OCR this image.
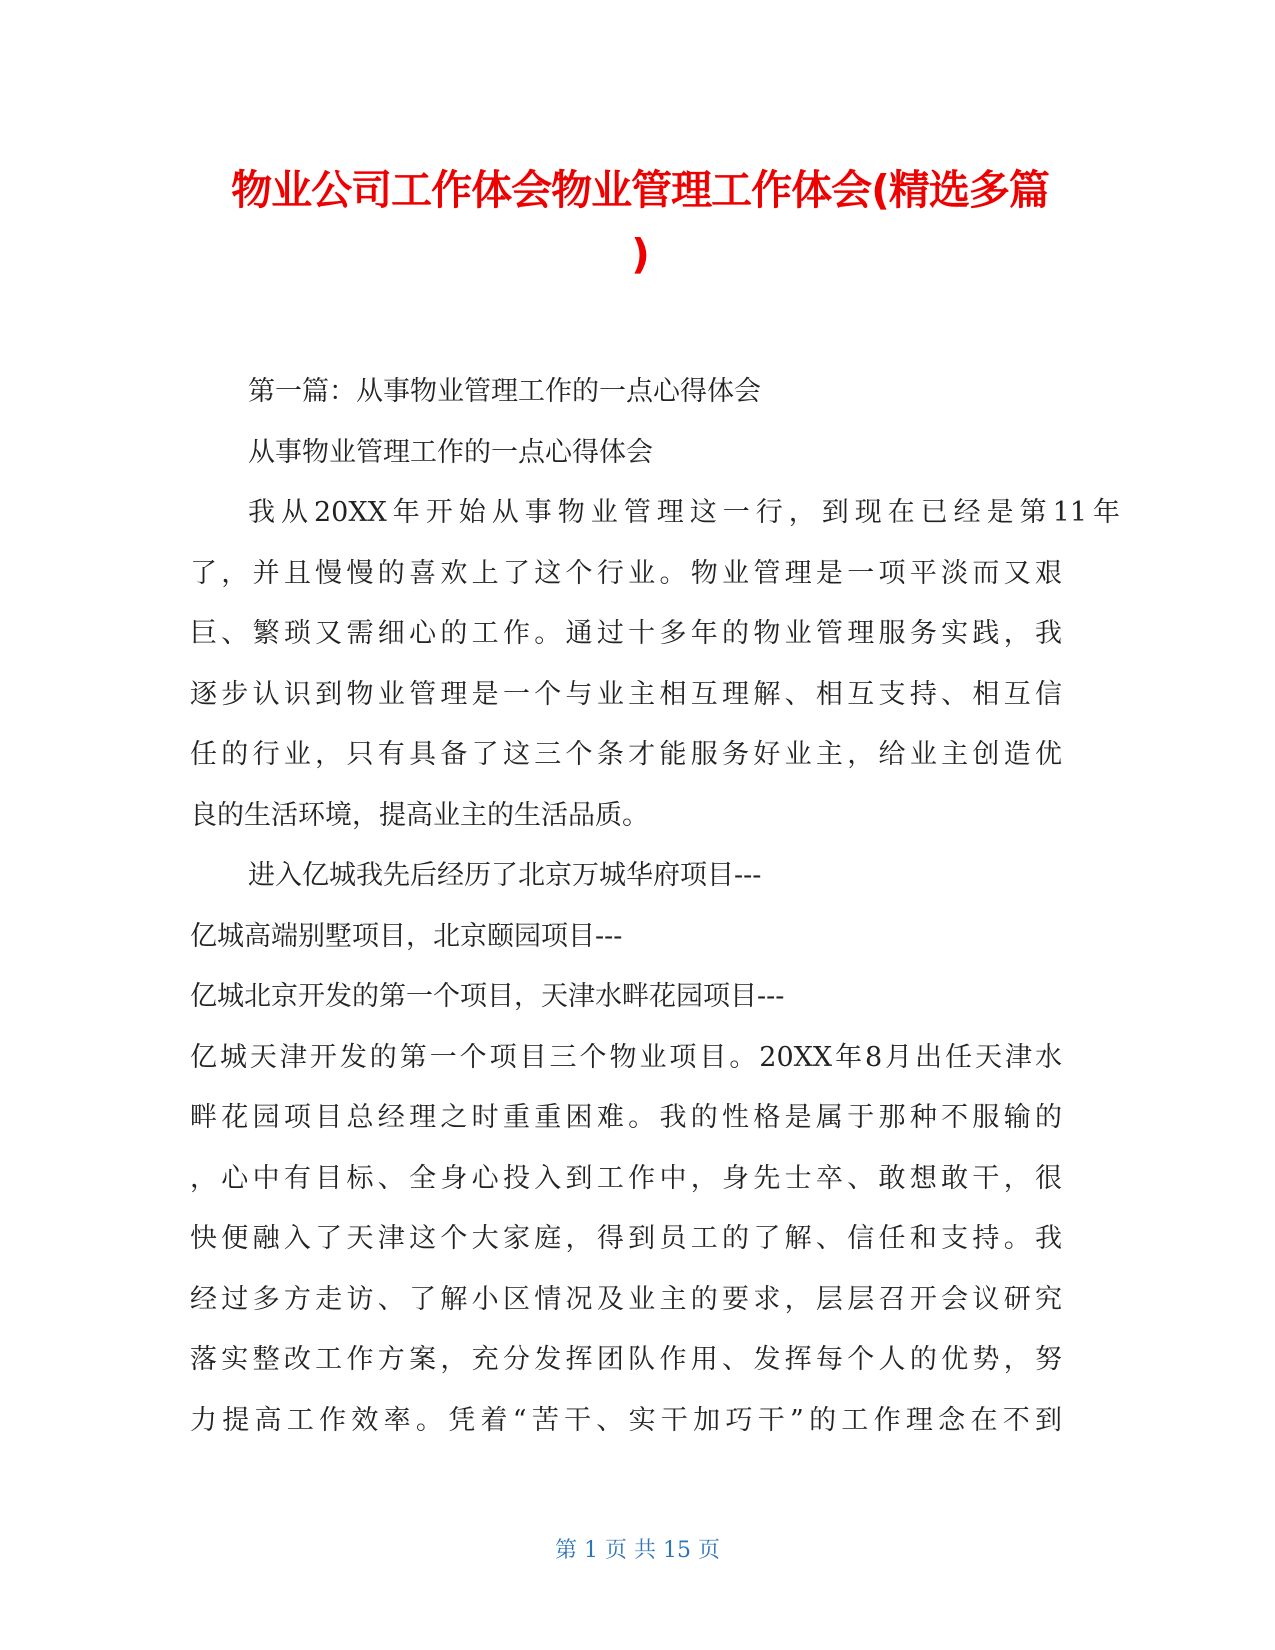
物业公司工作体会物业管理工作体会(精选多篇
)
第一篇：从事物业管理工作的一点心得体会
从事物业管理工作的一点心得体会
我从20XX年开始从事物业管理这一行，到现在已经是第11年
了，并且慢慢的喜欢上了这个行业。物业管理是一项平淡而又艰
巨、繁琐又需细心的工作。通过十多年的物业管理服务实践，我
逐步认识到物业管理是一个与业主相互理解、相互支持、相互信
任的行业，只有具备了这三个条才能服务好业主，给业主创造优
良的生活环境，提高业主的生活品质。
进入亿城我先后经历了北京万城华府项目---
亿城高端别墅项目，北京颐园项目---
亿城北京开发的第一个项目，天津水畔花园项目---
亿城天津开发的第一个项目三个物业项目。20XX年8月出任天津水
畔花园项目总经理之时重重困难。我的性格是属于那种不服输的
，心中有目标、全身心投入到工作中，身先士卒、敢想敢干，很
快便融入了天津这个大家庭，得到员工的了解、信任和支持。我
经过多方走访、了解小区情况及业主的要求，层层召开会议研究
落实整改工作方案，充分发挥团队作用、发挥每个人的优势，努
力提高工作效率。凭着“苦干、实干加巧干”的工作理念在不到
第 1 页 共 15 页
